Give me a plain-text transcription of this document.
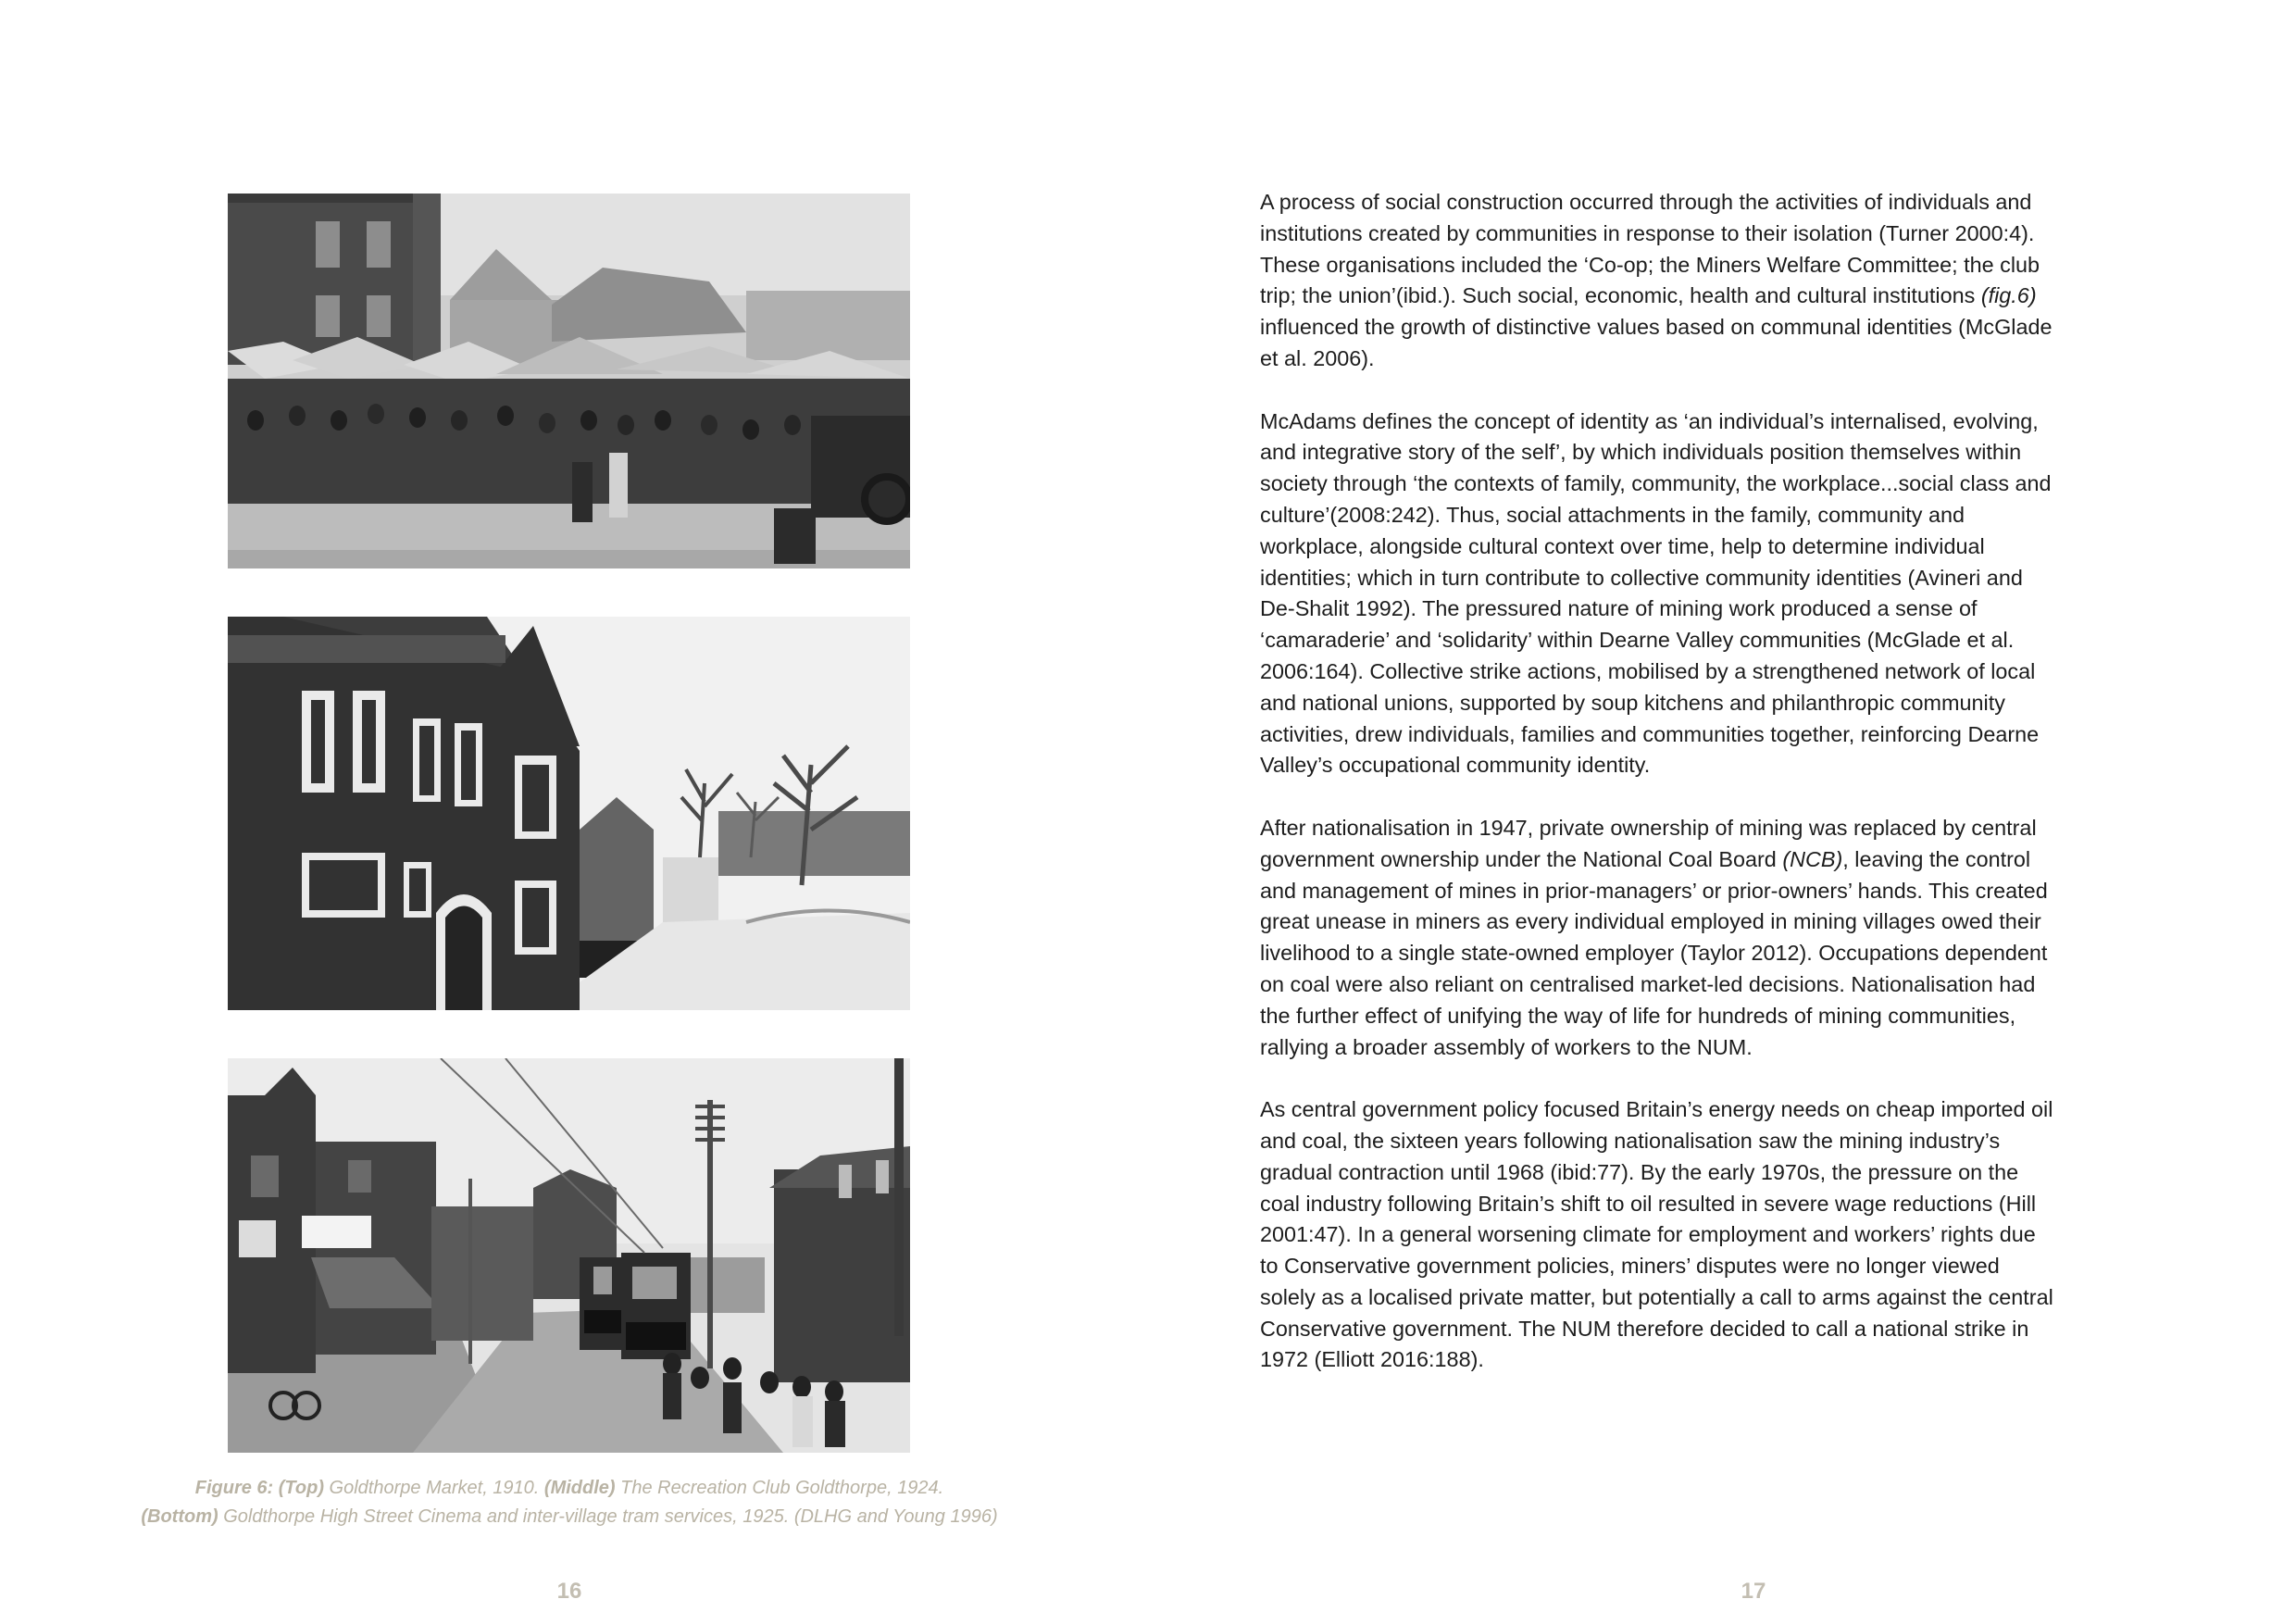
Figure 6: (Top) Goldthorpe Market, 1910. (Middle) The Recreation Club Goldthorpe, 1924.
(Bottom) Goldthorpe High Street Cinema and inter-village tram services, 1925. (DLHG and Young 1996)
16

A process of social construction occurred through the activities of individuals and institutions created by communities in response to their isolation (Turner 2000:4). These organisations included the ‘Co-op; the Miners Welfare Committee; the club trip; the union’(ibid.). Such social, economic, health and cultural institutions (fig.6) influenced the growth of distinctive values based on communal identities (McGlade et al. 2006).

McAdams defines the concept of identity as ‘an individual’s internalised, evolving, and integrative story of the self’, by which individuals position themselves within society through ‘the contexts of family, community, the workplace...social class and culture’(2008:242). Thus, social attachments in the family, community and workplace, alongside cultural context over time, help to determine individual identities; which in turn contribute to collective community identities (Avineri and De-Shalit 1992). The pressured nature of mining work produced a sense of ‘camaraderie’ and ‘solidarity’ within Dearne Valley communities (McGlade et al. 2006:164). Collective strike actions, mobilised by a strengthened network of local and national unions, supported by soup kitchens and philanthropic community activities, drew individuals, families and communities together, reinforcing Dearne Valley’s occupational community identity.

After nationalisation in 1947, private ownership of mining was replaced by central government ownership under the National Coal Board (NCB), leaving the control and management of mines in prior-managers’ or prior-owners’ hands. This created great unease in miners as every individual employed in mining villages owed their livelihood to a single state-owned employer (Taylor 2012). Occupations dependent on coal were also reliant on centralised market-led decisions. Nationalisation had the further effect of unifying the way of life for hundreds of mining communities, rallying a broader assembly of workers to the NUM.

As central government policy focused Britain’s energy needs on cheap imported oil and coal, the sixteen years following nationalisation saw the mining industry’s gradual contraction until 1968 (ibid:77). By the early 1970s, the pressure on the coal industry following Britain’s shift to oil resulted in severe wage reductions (Hill 2001:47). In a general worsening climate for employment and workers’ rights due to Conservative government policies, miners’ disputes were no longer viewed solely as a localised private matter, but potentially a call to arms against the central Conservative government. The NUM therefore decided to call a national strike in 1972 (Elliott 2016:188).

17
